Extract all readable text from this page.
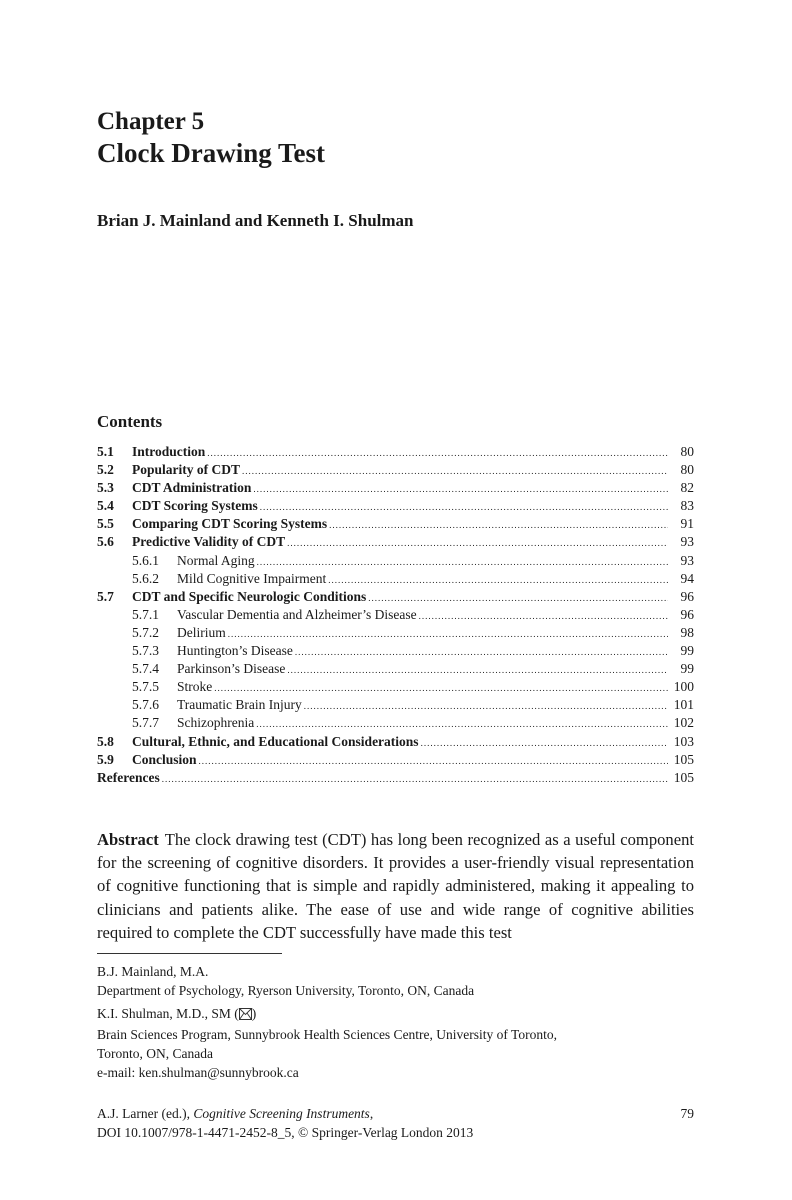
Chapter 5
Clock Drawing Test
Brian J. Mainland and Kenneth I. Shulman
Contents
5.1	Introduction .....	80
5.2	Popularity of CDT .....	80
5.3	CDT Administration .....	82
5.4	CDT Scoring Systems .....	83
5.5	Comparing CDT Scoring Systems .....	91
5.6	Predictive Validity of CDT .....	93
5.6.1	Normal Aging .....	93
5.6.2	Mild Cognitive Impairment .....	94
5.7	CDT and Specific Neurologic Conditions .....	96
5.7.1	Vascular Dementia and Alzheimer’s Disease .....	96
5.7.2	Delirium .....	98
5.7.3	Huntington’s Disease .....	99
5.7.4	Parkinson’s Disease .....	99
5.7.5	Stroke .....	100
5.7.6	Traumatic Brain Injury .....	101
5.7.7	Schizophrenia .....	102
5.8	Cultural, Ethnic, and Educational Considerations .....	103
5.9	Conclusion .....	105
References .....	105
Abstract The clock drawing test (CDT) has long been recognized as a useful component for the screening of cognitive disorders. It provides a user-friendly visual representation of cognitive functioning that is simple and rapidly administered, making it appealing to clinicians and patients alike. The ease of use and wide range of cognitive abilities required to complete the CDT successfully have made this test
B.J. Mainland, M.A.
Department of Psychology, Ryerson University, Toronto, ON, Canada
K.I. Shulman, M.D., SM ( )
Brain Sciences Program, Sunnybrook Health Sciences Centre, University of Toronto,
Toronto, ON, Canada
e-mail: ken.shulman@sunnybrook.ca
A.J. Larner (ed.), Cognitive Screening Instruments,
DOI 10.1007/978-1-4471-2452-8_5, © Springer-Verlag London 2013
79
